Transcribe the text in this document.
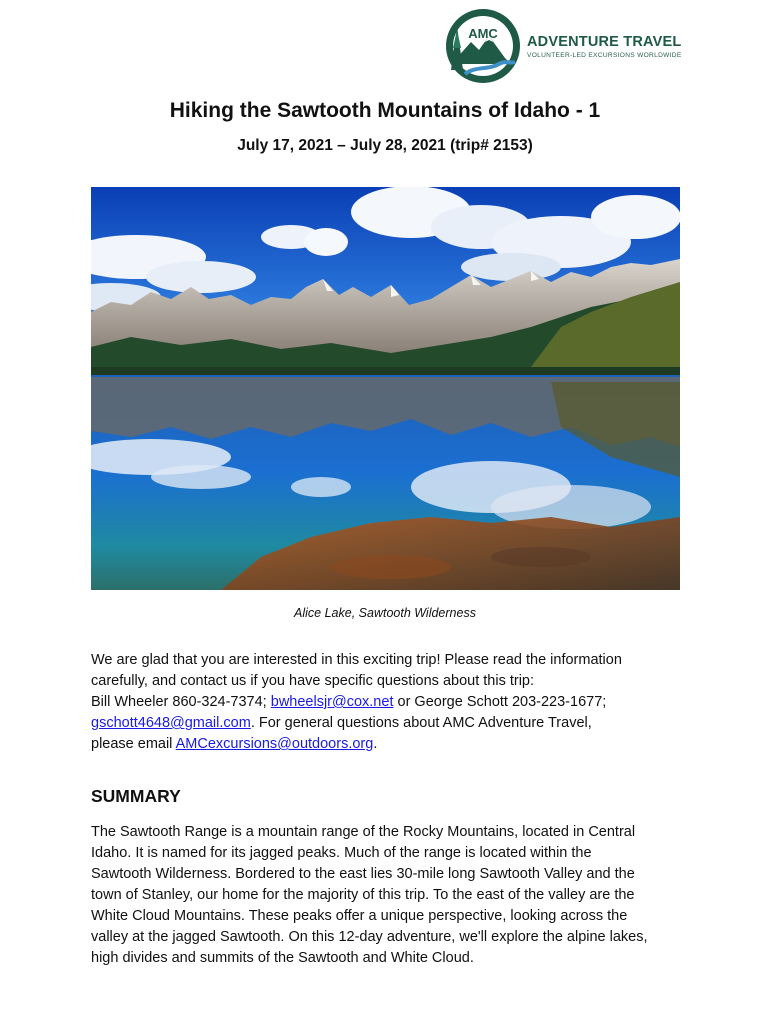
AMC
ADVENTURE TRAVEL
VOLUNTEER-LED EXCURSIONS WORLDWIDE
Hiking the Sawtooth Mountains of Idaho - 1
July 17, 2021 – July 28, 2021 (trip# 2153)
Alice Lake, Sawtooth Wilderness

We are glad that you are interested in this exciting trip! Please read the information

carefully, and contact us if you have specific questions about this trip:

Bill Wheeler 860-324-7374; bwheelsjr@cox.net or George Schott 203-223-1677;

gschott4648@gmail.com. For general questions about AMC Adventure Travel,

please email AMCexcursions@outdoors.org.

SUMMARY

The Sawtooth Range is a mountain range of the Rocky Mountains, located in Central

Idaho. It is named for its jagged peaks. Much of the range is located within the

Sawtooth Wilderness. Bordered to the east lies 30-mile long Sawtooth Valley and the

town of Stanley, our home for the majority of this trip. To the east of the valley are the

White Cloud Mountains. These peaks offer a unique perspective, looking across the

valley at the jagged Sawtooth. On this 12-day adventure, we'll explore the alpine lakes,

high divides and summits of the Sawtooth and White Cloud.
